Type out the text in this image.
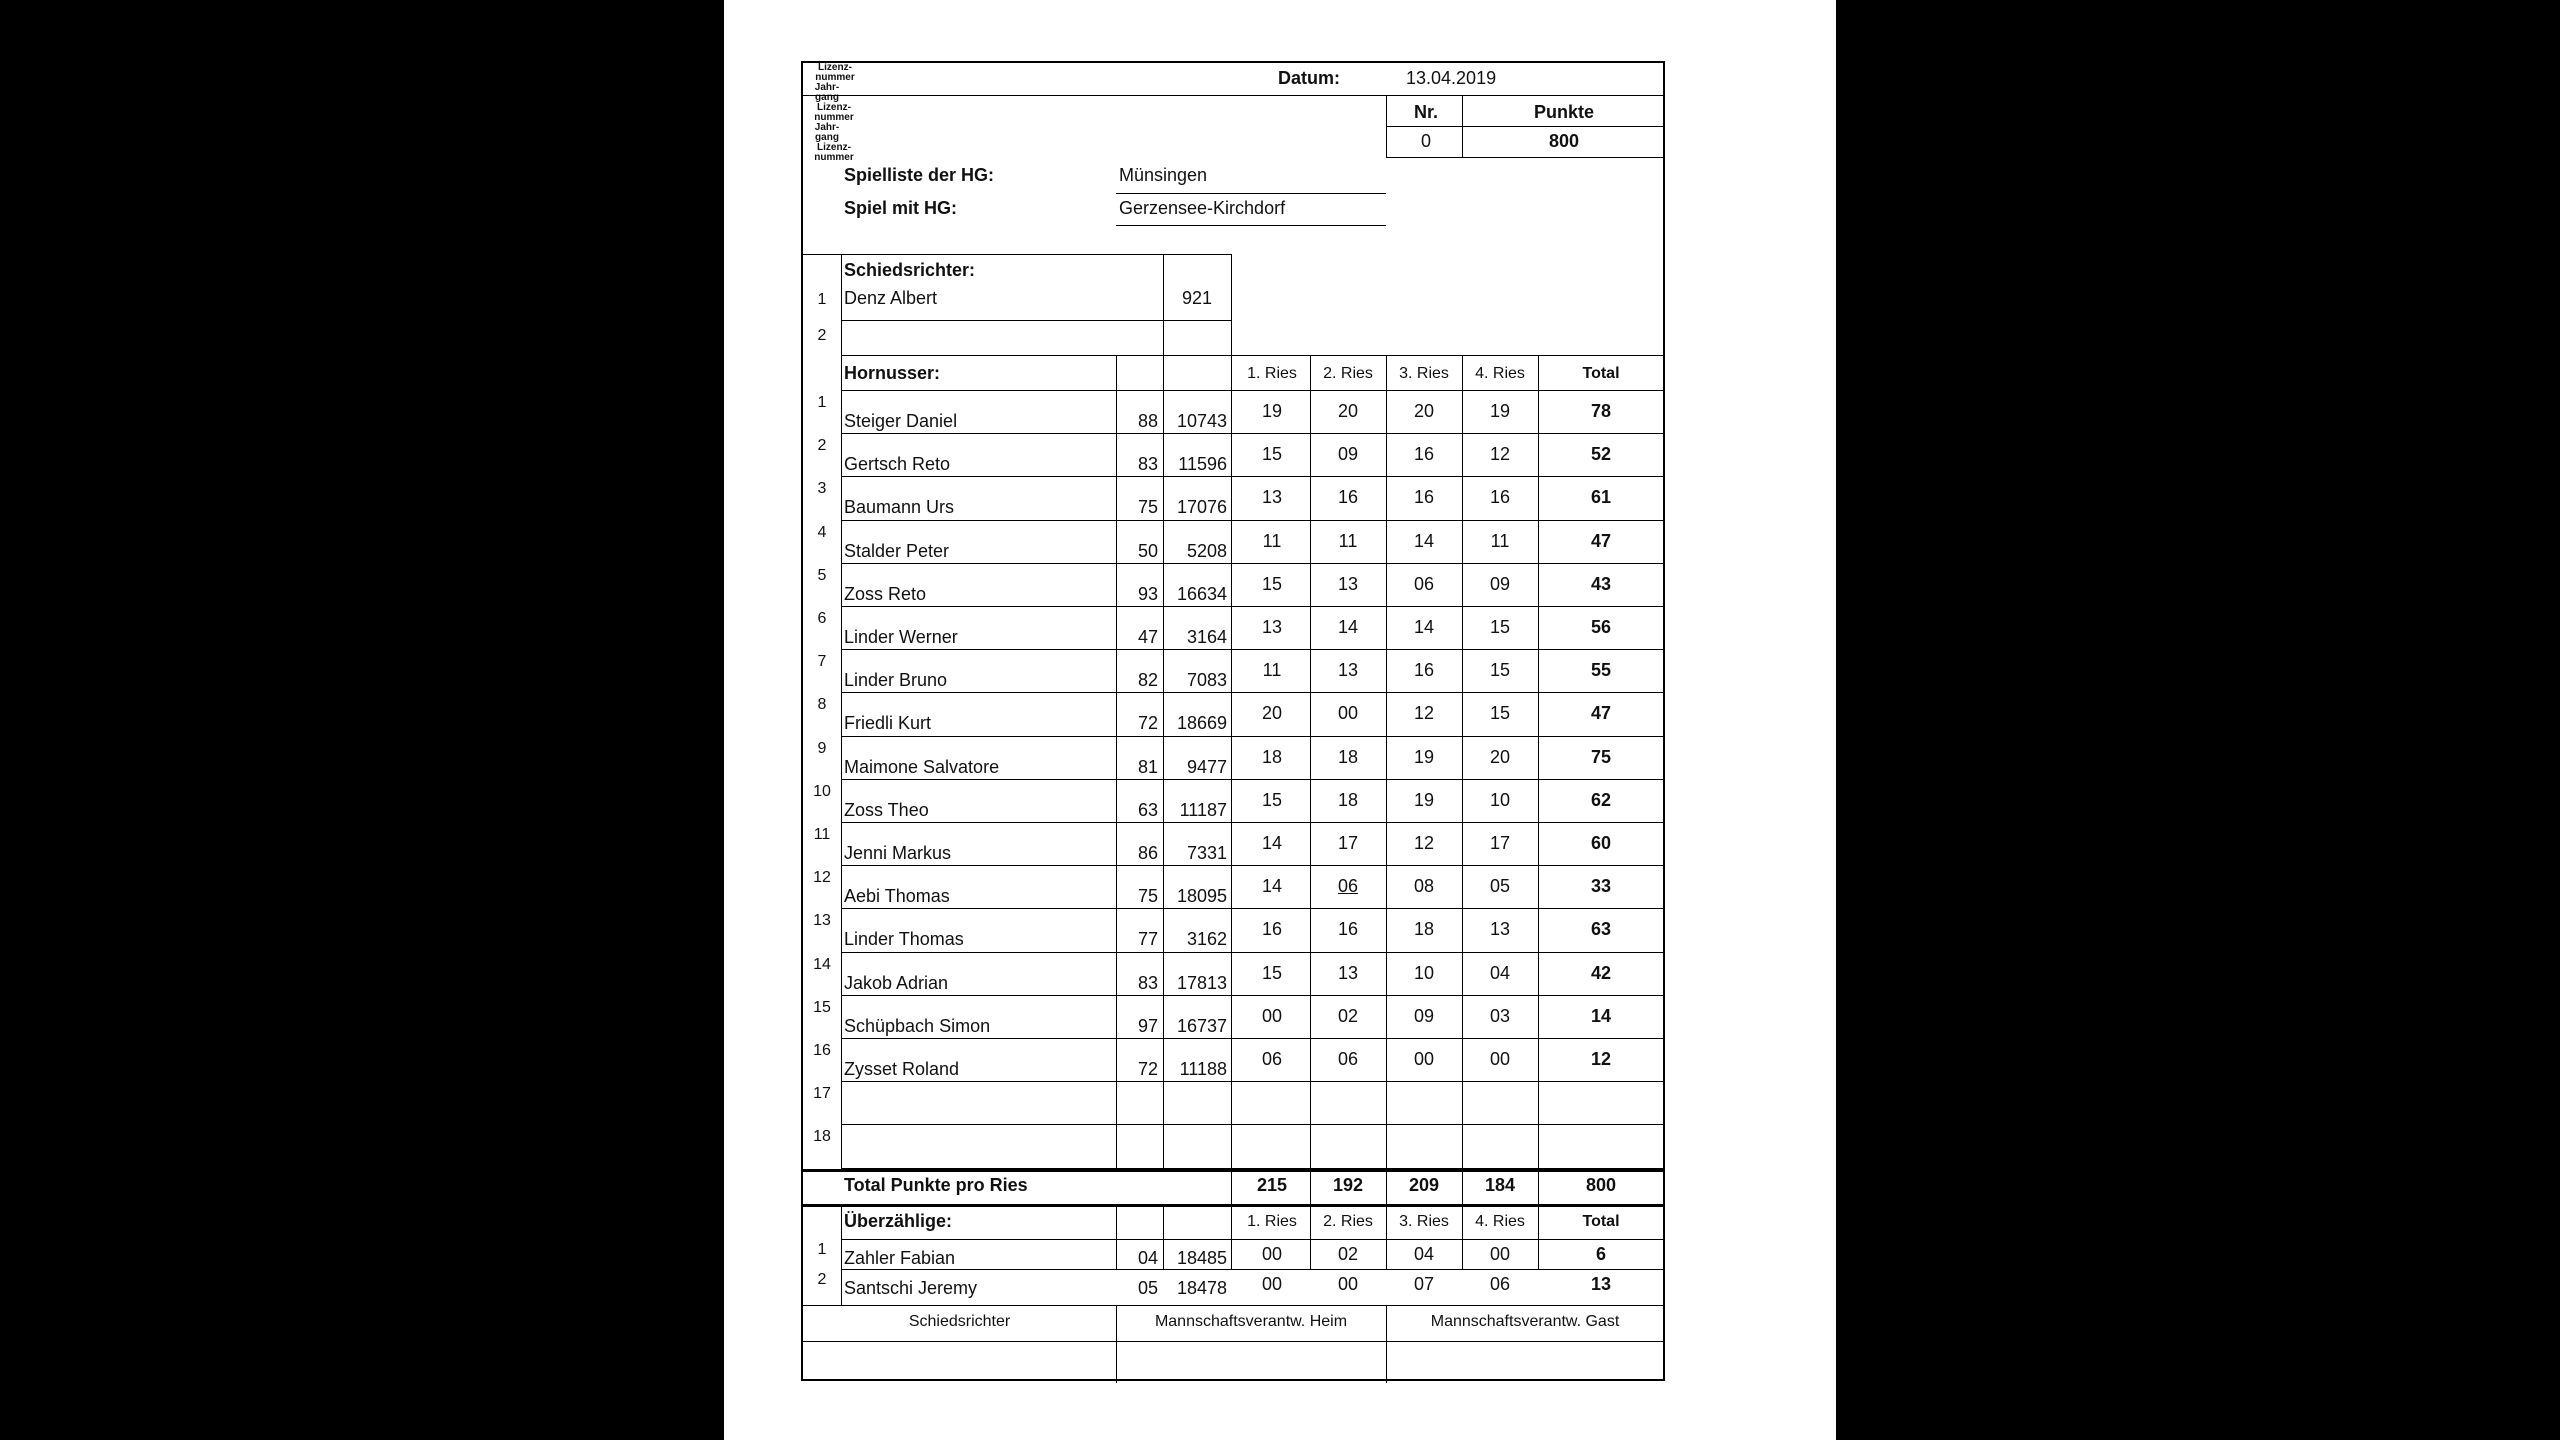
Datum:	13.04.2019
Nr.	Punkte
0	800
Spielliste der HG:	Münsingen
Spiel mit HG:	Gerzensee-Kirchdorf
Schiedsrichter:
Lizenz-nummer
1 Denz Albert	921
2
Hornusser:
Jahr-gang
Lizenz-nummer
1. Ries	2. Ries	3. Ries	4. Ries	Total
1
Steiger Daniel	88	10743	19	20	20	19	78
2
Gertsch Reto	83	11596	15	09	16	12	52
3
Baumann Urs	75	17076	13	16	16	16	61
4
Stalder Peter	50	5208	11	11	14	11	47
5
Zoss Reto	93	16634	15	13	06	09	43
6
Linder Werner	47	3164	13	14	14	15	56
7
Linder Bruno	82	7083	11	13	16	15	55
8
Friedli Kurt	72	18669	20	00	12	15	47
9
Maimone Salvatore	81	9477	18	18	19	20	75
10
Zoss Theo	63	11187	15	18	19	10	62
11
Jenni Markus	86	7331	14	17	12	17	60
12
Aebi Thomas	75	18095	14	06	08	05	33
13
Linder Thomas	77	3162	16	16	18	13	63
14
Jakob Adrian	83	17813	15	13	10	04	42
15
Schüpbach Simon	97	16737	00	02	09	03	14
16
Zysset Roland	72	11188	06	06	00	00	12
17
18
Total Punkte pro Ries	215	192	209	184	800
Überzählige:
Jahr-gang
Lizenz-nummer
1. Ries	2. Ries	3. Ries	4. Ries	Total
1 Zahler Fabian	04	18485	00	02	04	00	6
2 Santschi Jeremy	05	18478	00	00	07	06	13
Schiedsrichter	Mannschaftsverantw. Heim	Mannschaftsverantw. Gast
